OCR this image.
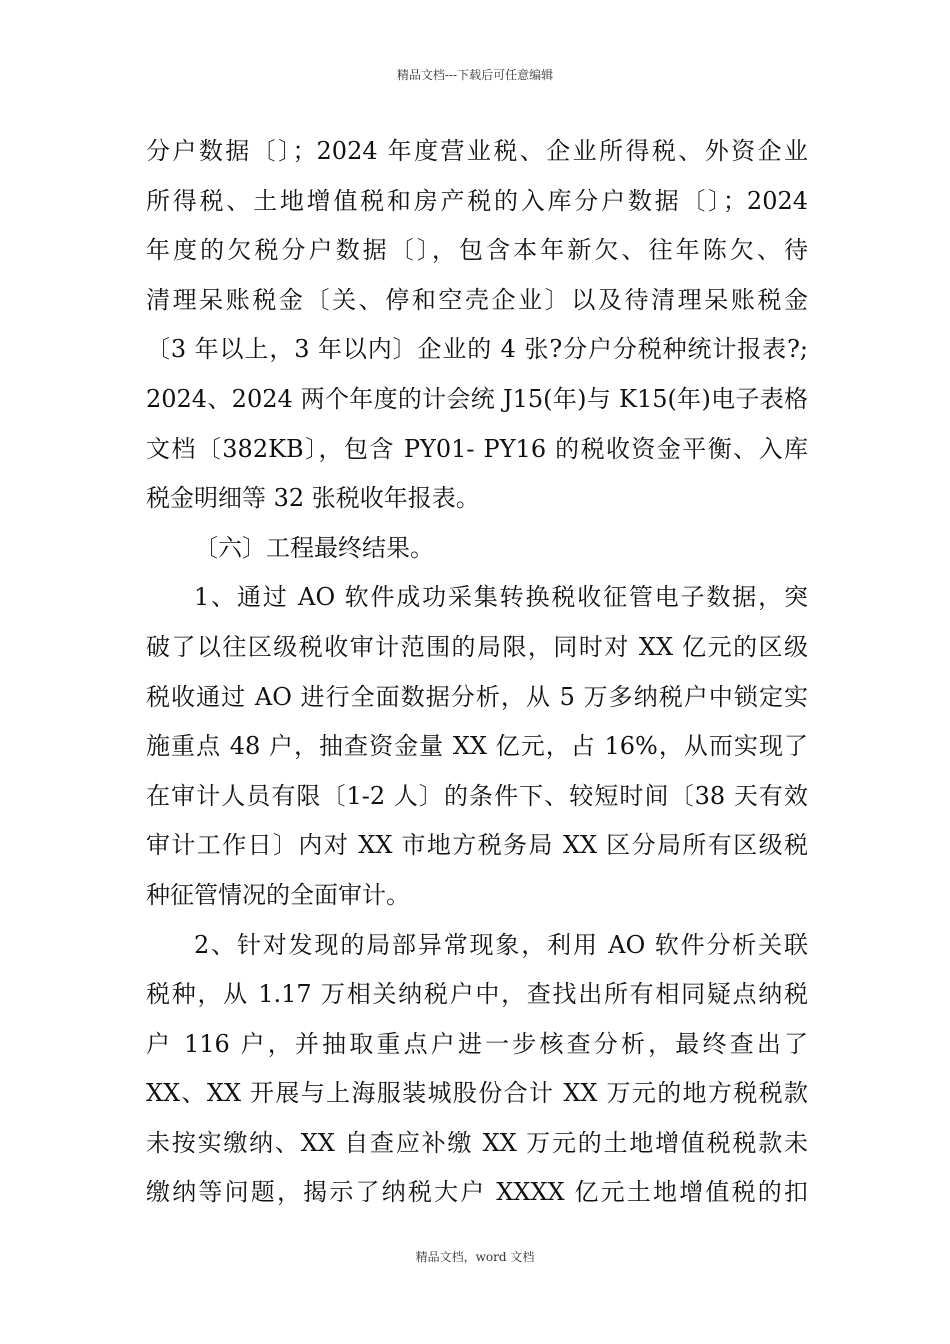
精品文档---下载后可任意编辑
分户数据〔〕；2024 年度营业税、企业所得税、外资企业
所得税、土地增值税和房产税的入库分户数据〔〕；2024
年度的欠税分户数据〔〕，包含本年新欠、往年陈欠、待
清理呆账税金〔关、停和空壳企业〕以及待清理呆账税金
〔3 年以上，3 年以内〕企业的 4 张?分户分税种统计报表?;
2024、2024 两个年度的计会统 J15(年)与 K15(年)电子表格
文档〔382KB〕，包含 PY01- PY16 的税收资金平衡、入库
税金明细等 32 张税收年报表。
〔六〕工程最终结果。
1、通过 AO 软件成功采集转换税收征管电子数据，突
破了以往区级税收审计范围的局限，同时对 XX 亿元的区级
税收通过 AO 进行全面数据分析，从 5 万多纳税户中锁定实
施重点 48 户，抽查资金量 XX 亿元，占 16%，从而实现了
在审计人员有限〔1-2 人〕的条件下、较短时间〔38 天有效
审计工作日〕内对 XX 市地方税务局 XX 区分局所有区级税
种征管情况的全面审计。
2、针对发现的局部异常现象，利用 AO 软件分析关联
税种，从 1.17 万相关纳税户中，查找出所有相同疑点纳税
户 116 户，并抽取重点户进一步核查分析，最终查出了
XX、XX 开展与上海服装城股份合计 XX 万元的地方税税款
未按实缴纳、XX 自查应补缴 XX 万元的土地增值税税款未
缴纳等问题，揭示了纳税大户 XXXX 亿元土地增值税的扣
精品文档，word 文档
